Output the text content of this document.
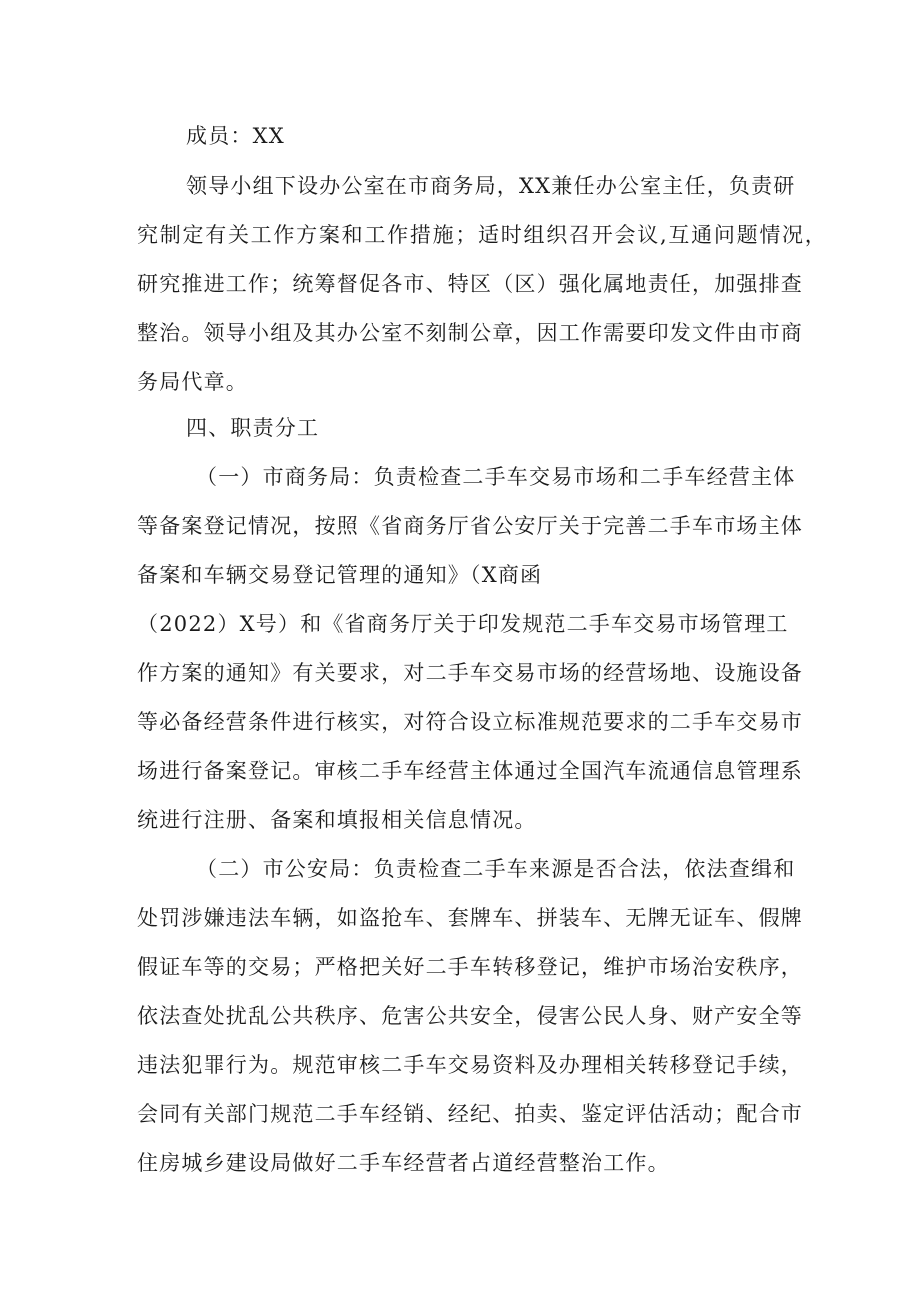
成员：XX

领导小组下设办公室在市商务局，XX兼任办公室主任，负责研

究制定有关工作方案和工作措施；适时组织召开会议,互通问题情况，

研究推进工作；统筹督促各市、特区（区）强化属地责任，加强排查

整治。领导小组及其办公室不刻制公章，因工作需要印发文件由市商

务局代章。

四、职责分工

（一）市商务局：负责检查二手车交易市场和二手车经营主体

等备案登记情况，按照《省商务厅省公安厅关于完善二手车市场主体

备案和车辆交易登记管理的通知》（X商函

（2022）X号）和《省商务厅关于印发规范二手车交易市场管理工

作方案的通知》有关要求，对二手车交易市场的经营场地、设施设备

等必备经营条件进行核实，对符合设立标准规范要求的二手车交易市

场进行备案登记。审核二手车经营主体通过全国汽车流通信息管理系

统进行注册、备案和填报相关信息情况。

（二）市公安局：负责检查二手车来源是否合法，依法查缉和

处罚涉嫌违法车辆，如盗抢车、套牌车、拼装车、无牌无证车、假牌

假证车等的交易；严格把关好二手车转移登记，维护市场治安秩序，

依法查处扰乱公共秩序、危害公共安全，侵害公民人身、财产安全等

违法犯罪行为。规范审核二手车交易资料及办理相关转移登记手续，

会同有关部门规范二手车经销、经纪、拍卖、鉴定评估活动；配合市

住房城乡建设局做好二手车经营者占道经营整治工作。
